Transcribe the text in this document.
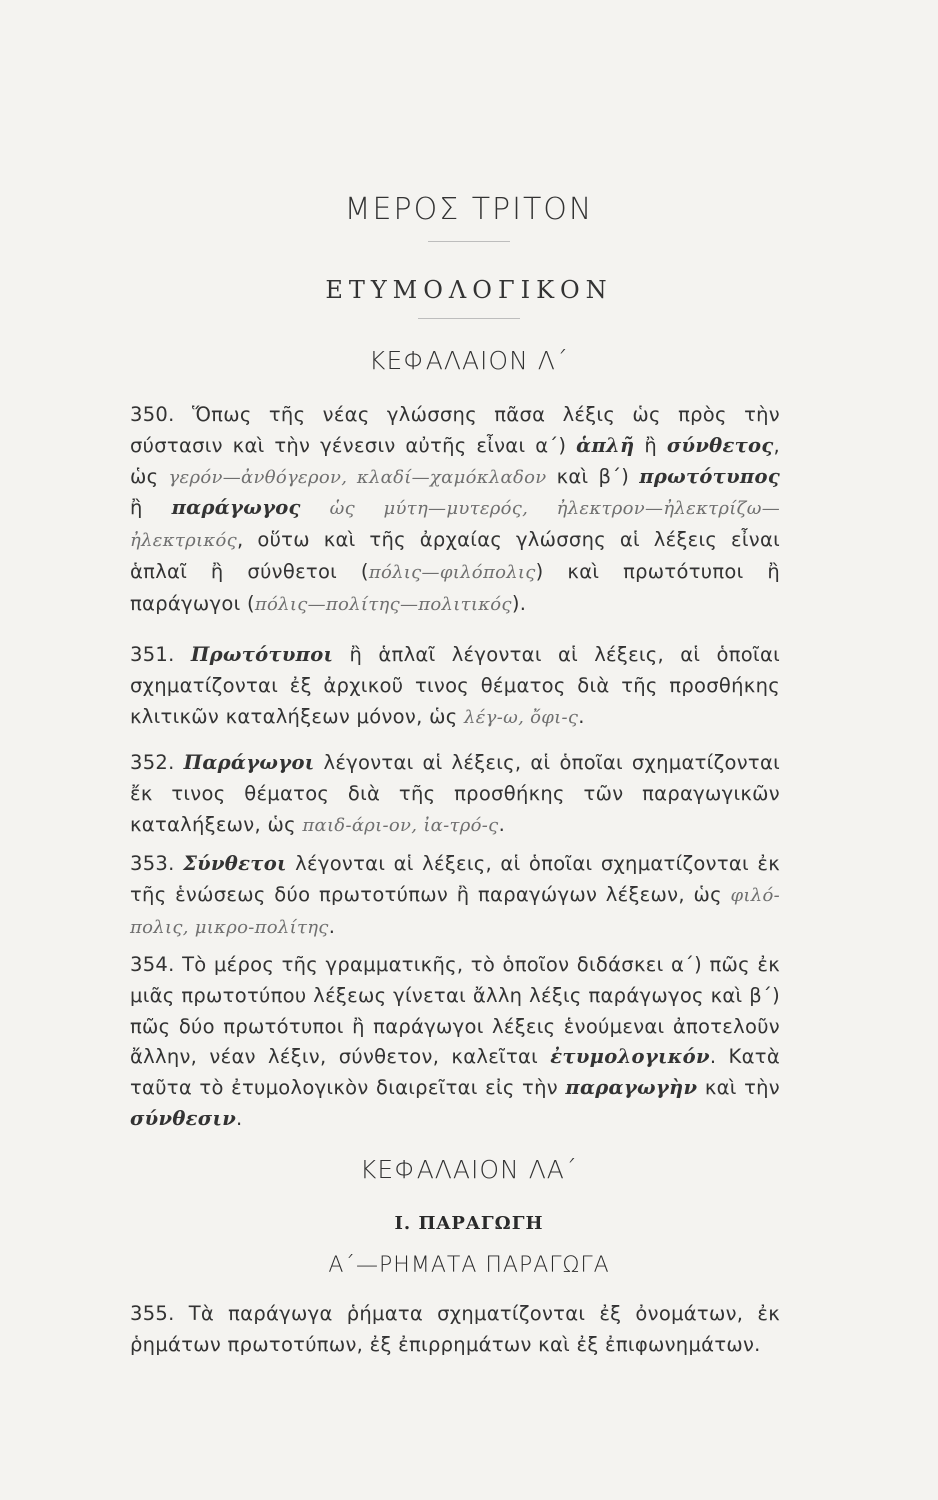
ΜΕΡΟΣ ΤΡΙΤΟΝ
ΕΤΥΜΟΛΟΓΙΚΟΝ
ΚΕΦΑΛΑΙΟΝ Λ΄
350. Ὅπως τῆς νέας γλώσσης πᾶσα λέξις ὡς πρὸς τὴν σύστασιν καὶ τὴν γένεσιν αὐτῆς εἶναι α΄) ἁπλῆ ἢ σύνθετος, ὡς γερόν—ἀνθόγερον, κλαδί—χαμόκλαδον καὶ β΄) πρωτότυπος ἢ παράγωγος ὡς μύτη—μυτερός, ἠλεκτρον—ἠλεκτρίζω—ἠλεκτρικός, οὕτω καὶ τῆς ἀρχαίας γλώσσης αἱ λέξεις εἶναι ἁπλαῖ ἢ σύνθετοι (πόλις—φιλόπολις) καὶ πρωτότυποι ἢ παράγωγοι (πόλις—πολίτης—πολιτικός).
351. Πρωτότυποι ἢ ἁπλαῖ λέγονται αἱ λέξεις, αἱ ὁποῖαι σχηματίζονται ἐξ ἀρχικοῦ τινος θέματος διὰ τῆς προσθήκης κλιτικῶν καταλήξεων μόνον, ὡς λέγ-ω, ὄφι-ς.
352. Παράγωγοι λέγονται αἱ λέξεις, αἱ ὁποῖαι σχηματίζονται ἔκ τινος θέματος διὰ τῆς προσθήκης τῶν παραγωγικῶν καταλήξεων, ὡς παιδ-άρι-ον, ἰα-τρό-ς.
353. Σύνθετοι λέγονται αἱ λέξεις, αἱ ὁποῖαι σχηματίζονται ἐκ τῆς ἑνώσεως δύο πρωτοτύπων ἢ παραγώγων λέξεων, ὡς φιλό-πολις, μικρο-πολίτης.
354. Τὸ μέρος τῆς γραμματικῆς, τὸ ὁποῖον διδάσκει α΄) πῶς ἐκ μιᾶς πρωτοτύπου λέξεως γίνεται ἄλλη λέξις παράγωγος καὶ β΄) πῶς δύο πρωτότυποι ἢ παράγωγοι λέξεις ἑνούμεναι ἀποτελοῦν ἄλλην, νέαν λέξιν, σύνθετον, καλεῖται ἐτυμολογικόν. Κατὰ ταῦτα τὸ ἐτυμολογικὸν διαιρεῖται εἰς τὴν παραγωγὴν καὶ τὴν σύνθεσιν.
ΚΕΦΑΛΑΙΟΝ ΛΑ΄
Ι. ΠΑΡΑΓΩΓΗ
Α΄—ΡΗΜΑΤΑ ΠΑΡΑΓΩΓΑ
355. Τὰ παράγωγα ῥήματα σχηματίζονται ἐξ ὀνομάτων, ἐκ ῥημάτων πρωτοτύπων, ἐξ ἐπιρρημάτων καὶ ἐξ ἐπιφωνημάτων.
